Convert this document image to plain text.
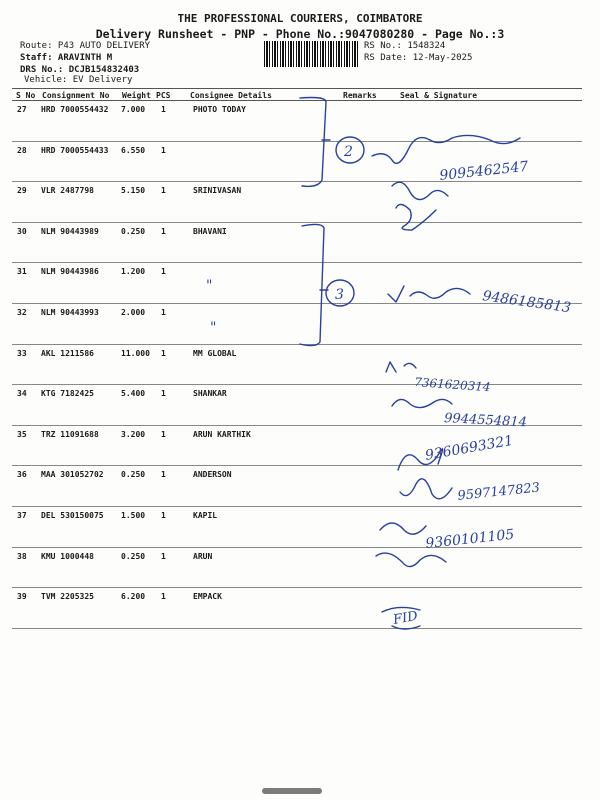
THE PROFESSIONAL COURIERS, COIMBATORE
Delivery Runsheet - PNP - Phone No.:9047080280 - Page No.:3
Route: P43 AUTO DELIVERY
Staff: ARAVINTH M
DRS No.: DCJB154832403
Vehicle: EV Delivery
RS No.: 1548324
RS Date: 12-May-2025
S No Consignment No Weight PCS Consignee Details	Remarks	Seal & Signature
27 HRD 7000554432 7.000 1	PHOTO TODAY
28 HRD 7000554433 6.550 1
29 VLR 2487798	5.150 1	SRINIVASAN
30 NLM 90443989	0.250 1	BHAVANI
31 NLM 90443986	1.200 1
32 NLM 90443993	2.000 1
33 AKL 1211586	11.000 1	MM GLOBAL
34 KTG 7182425	5.400 1	SHANKAR
35 TRZ 11091688	3.200 1	ARUN KARTHIK
36 MAA 301052702 0.250 1	ANDERSON
37 DEL 530150075 1.500 1	KAPIL
38 KMU 1000448	0.250 1	ARUN
39 TVM 2205325	6.200 1	EMPACK
2
3
"
"
9095462547
9486185813
7361620314
9944554814
9360693321
9597147823
9360101105
FID
